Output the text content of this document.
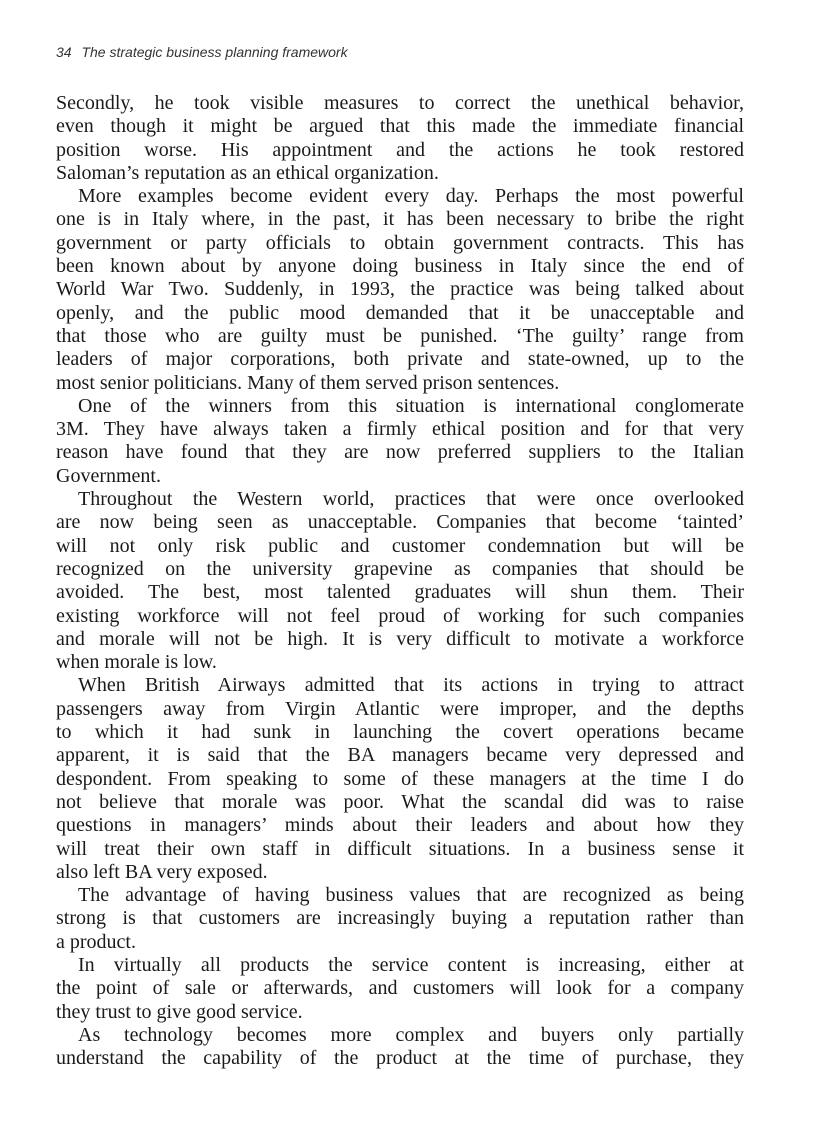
34 The strategic business planning framework

Secondly, he took visible measures to correct the unethical behavior,
even though it might be argued that this made the immediate financial
position worse. His appointment and the actions he took restored
Saloman’s reputation as an ethical organization.

More examples become evident every day. Perhaps the most powerful
one is in Italy where, in the past, it has been necessary to bribe the right
government or party officials to obtain government contracts. This has
been known about by anyone doing business in Italy since the end of
World War Two. Suddenly, in 1993, the practice was being talked about
openly, and the public mood demanded that it be unacceptable and
that those who are guilty must be punished. ‘The guilty’ range from
leaders of major corporations, both private and state-owned, up to the
most senior politicians. Many of them served prison sentences.

One of the winners from this situation is international conglomerate
3M. They have always taken a firmly ethical position and for that very
reason have found that they are now preferred suppliers to the Italian
Government.

Throughout the Western world, practices that were once overlooked
are now being seen as unacceptable. Companies that become ‘tainted’
will not only risk public and customer condemnation but will be
recognized on the university grapevine as companies that should be
avoided. The best, most talented graduates will shun them. Their
existing workforce will not feel proud of working for such companies
and morale will not be high. It is very difficult to motivate a workforce
when morale is low.

When British Airways admitted that its actions in trying to attract
passengers away from Virgin Atlantic were improper, and the depths
to which it had sunk in launching the covert operations became
apparent, it is said that the BA managers became very depressed and
despondent. From speaking to some of these managers at the time I do
not believe that morale was poor. What the scandal did was to raise
questions in managers’ minds about their leaders and about how they
will treat their own staff in difficult situations. In a business sense it
also left BA very exposed.

The advantage of having business values that are recognized as being
strong is that customers are increasingly buying a reputation rather than
a product.

In virtually all products the service content is increasing, either at
the point of sale or afterwards, and customers will look for a company
they trust to give good service.

As technology becomes more complex and buyers only partially
understand the capability of the product at the time of purchase, they
